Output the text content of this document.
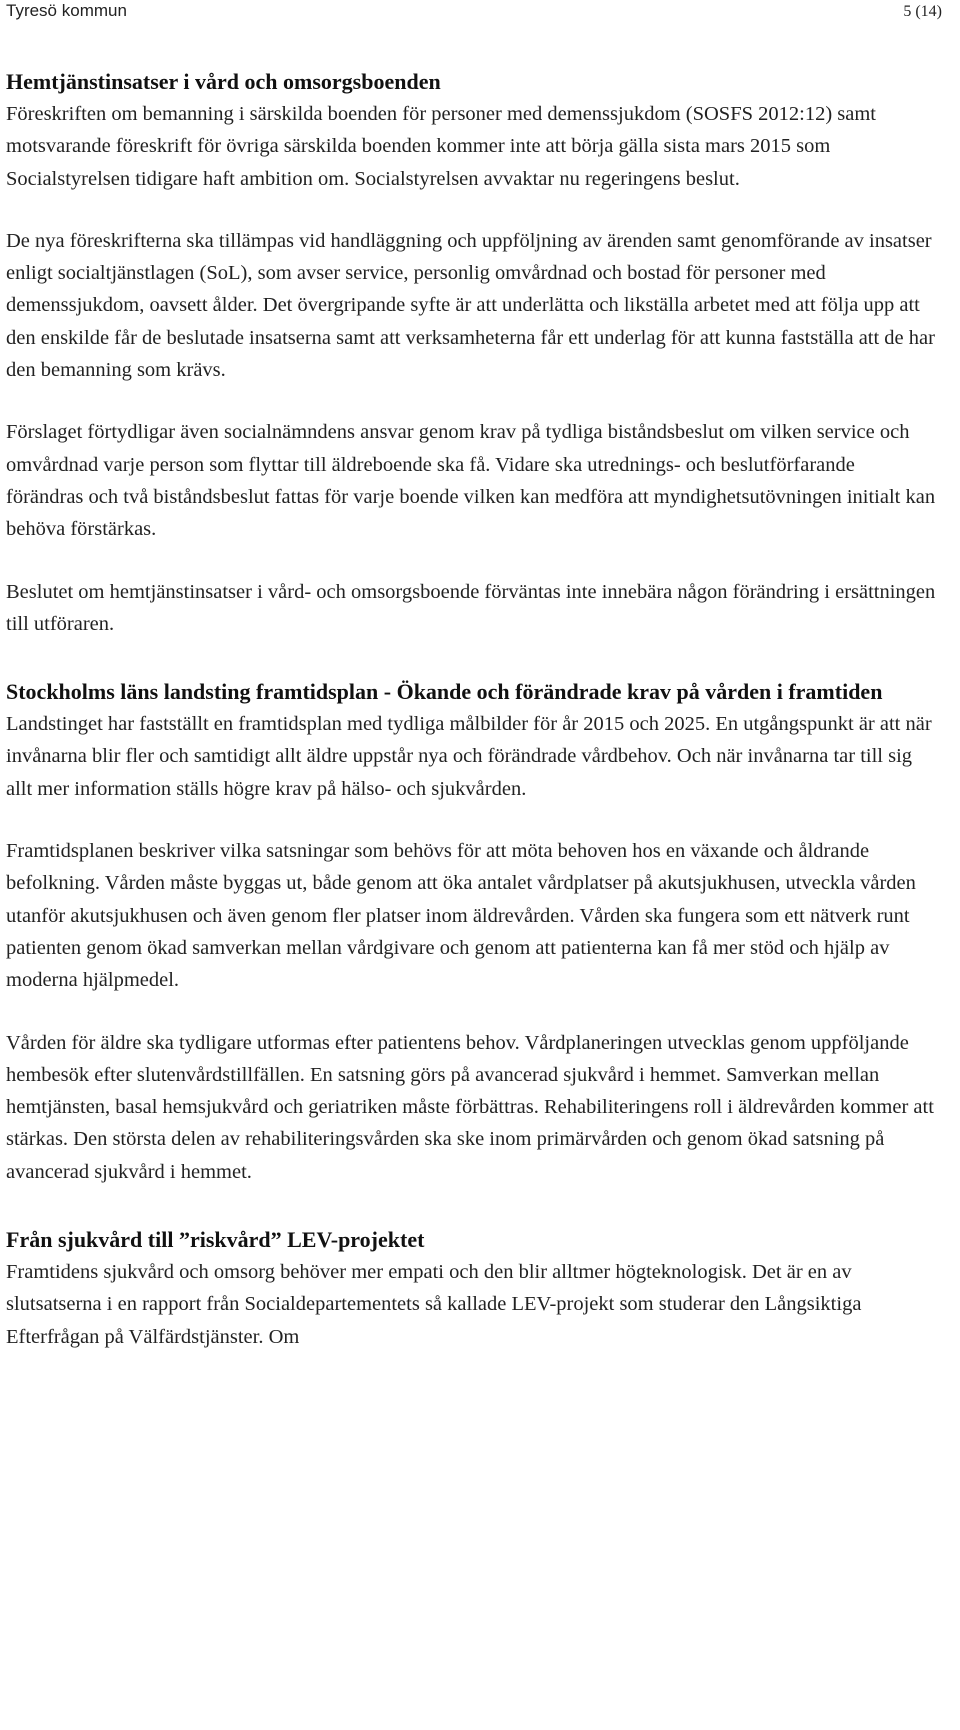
Tyresö kommun	5 (14)
Hemtjänstinsatser i vård och omsorgsboenden

Föreskriften om bemanning i särskilda boenden för personer med demenssjukdom (SOSFS 2012:12) samt motsvarande föreskrift för övriga särskilda boenden kommer inte att börja gälla sista mars 2015 som Socialstyrelsen tidigare haft ambition om. Socialstyrelsen avvaktar nu regeringens beslut.

De nya föreskrifterna ska tillämpas vid handläggning och uppföljning av ärenden samt genomförande av insatser enligt socialtjänstlagen (SoL), som avser service, personlig omvårdnad och bostad för personer med demenssjukdom, oavsett ålder. Det övergripande syfte är att underlätta och likställa arbetet med att följa upp att den enskilde får de beslutade insatserna samt att verksamheterna får ett underlag för att kunna fastställa att de har den bemanning som krävs.

Förslaget förtydligar även socialnämndens ansvar genom krav på tydliga biståndsbeslut om vilken service och omvårdnad varje person som flyttar till äldreboende ska få. Vidare ska utrednings- och beslutförfarande förändras och två biståndsbeslut fattas för varje boende vilken kan medföra att myndighetsutövningen initialt kan behöva förstärkas.

Beslutet om hemtjänstinsatser i vård- och omsorgsboende förväntas inte innebära någon förändring i ersättningen till utföraren.

Stockholms läns landsting framtidsplan - Ökande och förändrade krav på vården i framtiden

Landstinget har fastställt en framtidsplan med tydliga målbilder för år 2015 och 2025. En utgångspunkt är att när invånarna blir fler och samtidigt allt äldre uppstår nya och förändrade vårdbehov. Och när invånarna tar till sig allt mer information ställs högre krav på hälso- och sjukvården.

Framtidsplanen beskriver vilka satsningar som behövs för att möta behoven hos en växande och åldrande befolkning. Vården måste byggas ut, både genom att öka antalet vårdplatser på akutsjukhusen, utveckla vården utanför akutsjukhusen och även genom fler platser inom äldrevården. Vården ska fungera som ett nätverk runt patienten genom ökad samverkan mellan vårdgivare och genom att patienterna kan få mer stöd och hjälp av moderna hjälpmedel.

Vården för äldre ska tydligare utformas efter patientens behov. Vårdplaneringen utvecklas genom uppföljande hembesök efter slutenvårdstillfällen. En satsning görs på avancerad sjukvård i hemmet. Samverkan mellan hemtjänsten, basal hemsjukvård och geriatriken måste förbättras. Rehabiliteringens roll i äldrevården kommer att stärkas. Den största delen av rehabiliteringsvården ska ske inom primärvården och genom ökad satsning på avancerad sjukvård i hemmet.

Från sjukvård till ”riskvård” LEV-projektet

Framtidens sjukvård och omsorg behöver mer empati och den blir alltmer högteknologisk. Det är en av slutsatserna i en rapport från Socialdepartementets så kallade LEV-projekt som studerar den Långsiktiga Efterfrågan på Välfärdstjänster. Om
